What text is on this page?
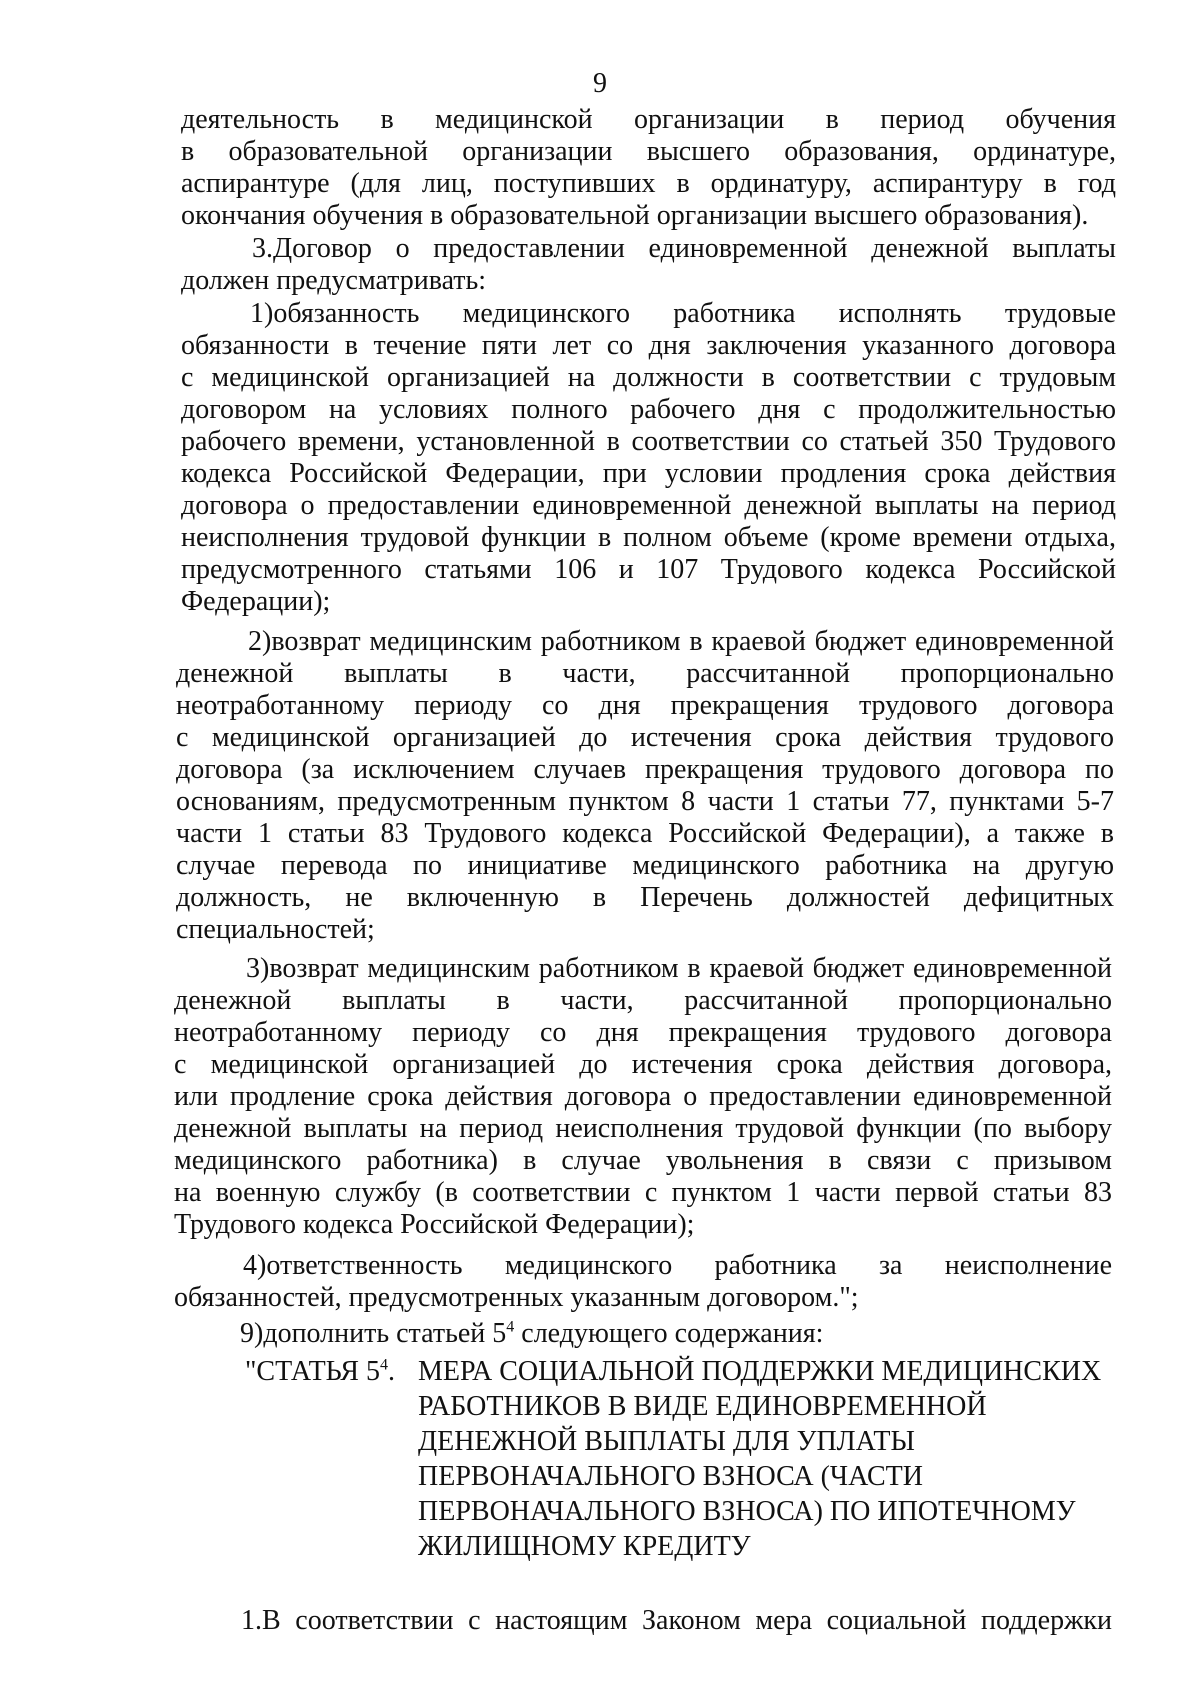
9
деятельность в медицинской организации в период обучения
в образовательной организации высшего образования, ординатуре,
аспирантуре (для лиц, поступивших в ординатуру, аспирантуру в год
окончания обучения в образовательной организации высшего образования).
3.Договор о предоставлении единовременной денежной выплаты
должен предусматривать:
1)обязанность медицинского работника исполнять трудовые
обязанности в течение пяти лет со дня заключения указанного договора
с медицинской организацией на должности в соответствии с трудовым
договором на условиях полного рабочего дня с продолжительностью
рабочего времени, установленной в соответствии со статьей 350 Трудового
кодекса Российской Федерации, при условии продления срока действия
договора о предоставлении единовременной денежной выплаты на период
неисполнения трудовой функции в полном объеме (кроме времени отдыха,
предусмотренного статьями 106 и 107 Трудового кодекса Российской
Федерации);
2)возврат медицинским работником в краевой бюджет единовременной
денежной выплаты в части, рассчитанной пропорционально
неотработанному периоду со дня прекращения трудового договора
с медицинской организацией до истечения срока действия трудового
договора (за исключением случаев прекращения трудового договора по
основаниям, предусмотренным пунктом 8 части 1 статьи 77, пунктами 5-7
части 1 статьи 83 Трудового кодекса Российской Федерации), а также в
случае перевода по инициативе медицинского работника на другую
должность, не включенную в Перечень должностей дефицитных
специальностей;
3)возврат медицинским работником в краевой бюджет единовременной
денежной выплаты в части, рассчитанной пропорционально
неотработанному периоду со дня прекращения трудового договора
с медицинской организацией до истечения срока действия договора,
или продление срока действия договора о предоставлении единовременной
денежной выплаты на период неисполнения трудовой функции (по выбору
медицинского работника) в случае увольнения в связи с призывом
на военную службу (в соответствии с пунктом 1 части первой статьи 83
Трудового кодекса Российской Федерации);
4)ответственность медицинского работника за неисполнение
обязанностей, предусмотренных указанным договором.";
9)дополнить статьей $5^4$ следующего содержания:
"СТАТЬЯ $5^4$. МЕРА СОЦИАЛЬНОЙ ПОДДЕРЖКИ МЕДИЦИНСКИХ
РАБОТНИКОВ В ВИДЕ ЕДИНОВРЕМЕННОЙ
ДЕНЕЖНОЙ ВЫПЛАТЫ ДЛЯ УПЛАТЫ
ПЕРВОНАЧАЛЬНОГО ВЗНОСА (ЧАСТИ
ПЕРВОНАЧАЛЬНОГО ВЗНОСА) ПО ИПОТЕЧНОМУ
ЖИЛИЩНОМУ КРЕДИТУ
1.В соответствии с настоящим Законом мера социальной поддержки
